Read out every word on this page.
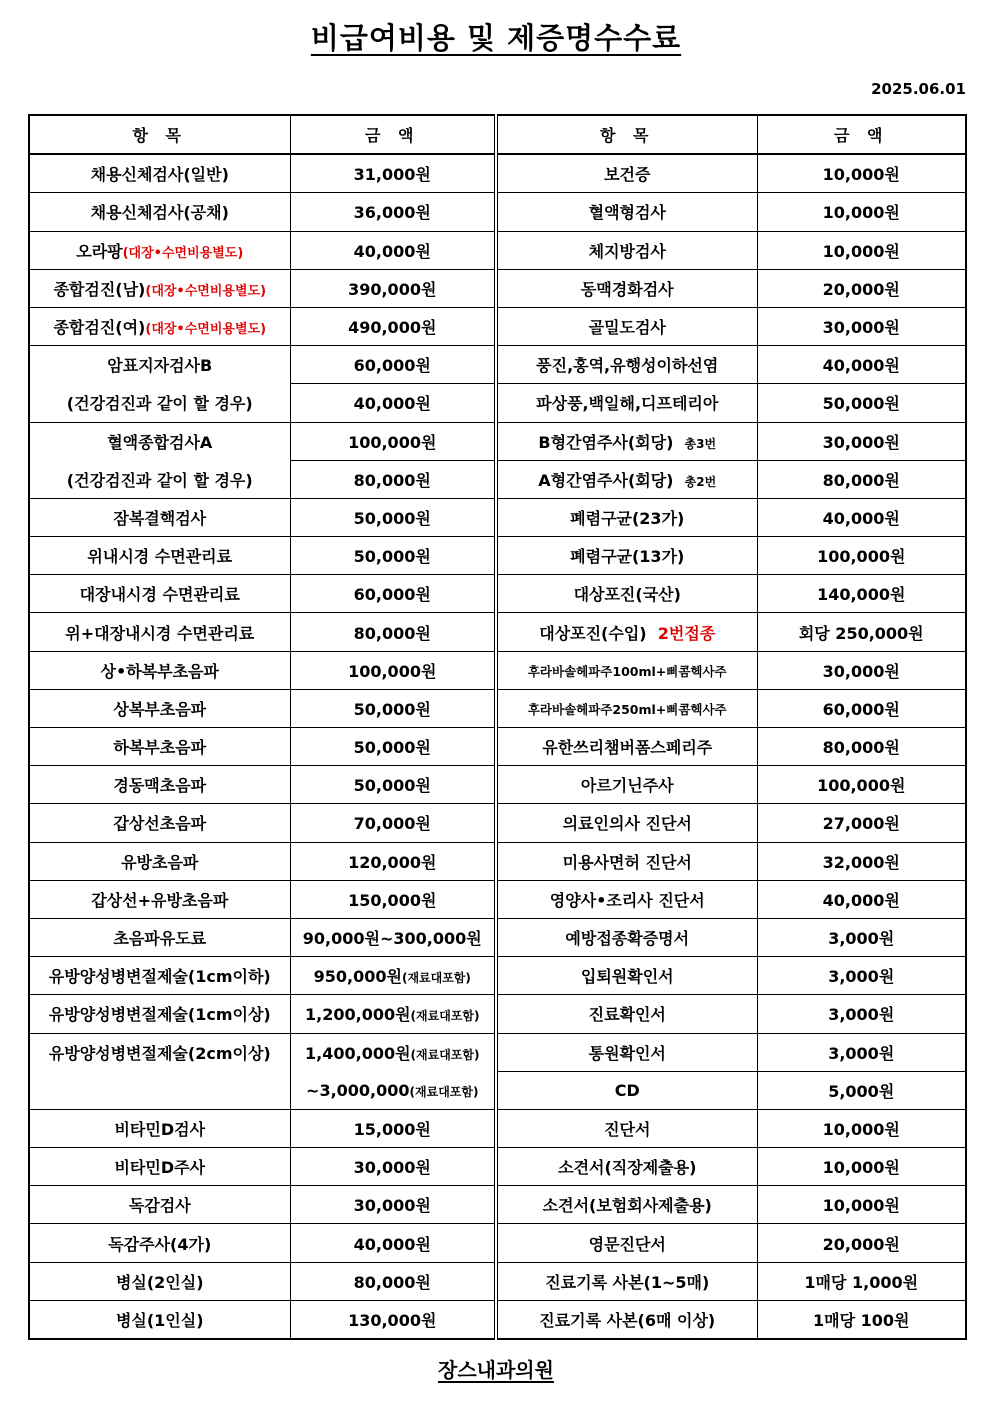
비급여비용 및 제증명수수료
2025.06.01
항 목	금 액	항 목	금 액
채용신체검사(일반)	31,000원	보건증	10,000원
채용신체검사(공채)	36,000원	혈액형검사	10,000원
오라팡(대장•수면비용별도)	40,000원	체지방검사	10,000원
종합검진(남)(대장•수면비용별도)	390,000원	동맥경화검사	20,000원
종합검진(여)(대장•수면비용별도)	490,000원	골밀도검사	30,000원
암표지자검사B	60,000원	풍진,홍역,유행성이하선염	40,000원
(건강검진과 같이 할 경우)	40,000원	파상풍,백일해,디프테리아	50,000원
혈액종합검사A	100,000원	B형간염주사(회당) 총3번	30,000원
(건강검진과 같이 할 경우)	80,000원	A형간염주사(회당) 총2번	80,000원
잠복결핵검사	50,000원	폐렴구균(23가)	40,000원
위내시경 수면관리료	50,000원	폐렴구균(13가)	100,000원
대장내시경 수면관리료	60,000원	대상포진(국산)	140,000원
위+대장내시경 수면관리료	80,000원	대상포진(수입) 2번접종	회당 250,000원
상•하복부초음파	100,000원	후라바솔헤파주100ml+삐콤헥사주	30,000원
상복부초음파	50,000원	후라바솔헤파주250ml+삐콤헥사주	60,000원
하복부초음파	50,000원	유한쓰리챔버폼스페리주	80,000원
경동맥초음파	50,000원	아르기닌주사	100,000원
갑상선초음파	70,000원	의료인의사 진단서	27,000원
유방초음파	120,000원	미용사면허 진단서	32,000원
갑상선+유방초음파	150,000원	영양사•조리사 진단서	40,000원
초음파유도료	90,000원~300,000원	예방접종확증명서	3,000원
유방양성병변절제술(1cm이하)	950,000원(재료대포함)	입퇴원확인서	3,000원
유방양성병변절제술(1cm이상)	1,200,000원(재료대포함)	진료확인서	3,000원
유방양성병변절제술(2cm이상)	1,400,000원(재료대포함)	통원확인서	3,000원
	~3,000,000(재료대포함)	CD	5,000원
비타민D검사	15,000원	진단서	10,000원
비타민D주사	30,000원	소견서(직장제출용)	10,000원
독감검사	30,000원	소견서(보험회사제출용)	10,000원
독감주사(4가)	40,000원	영문진단서	20,000원
병실(2인실)	80,000원	진료기록 사본(1~5매)	1매당 1,000원
병실(1인실)	130,000원	진료기록 사본(6매 이상)	1매당 100원
장스내과의원
